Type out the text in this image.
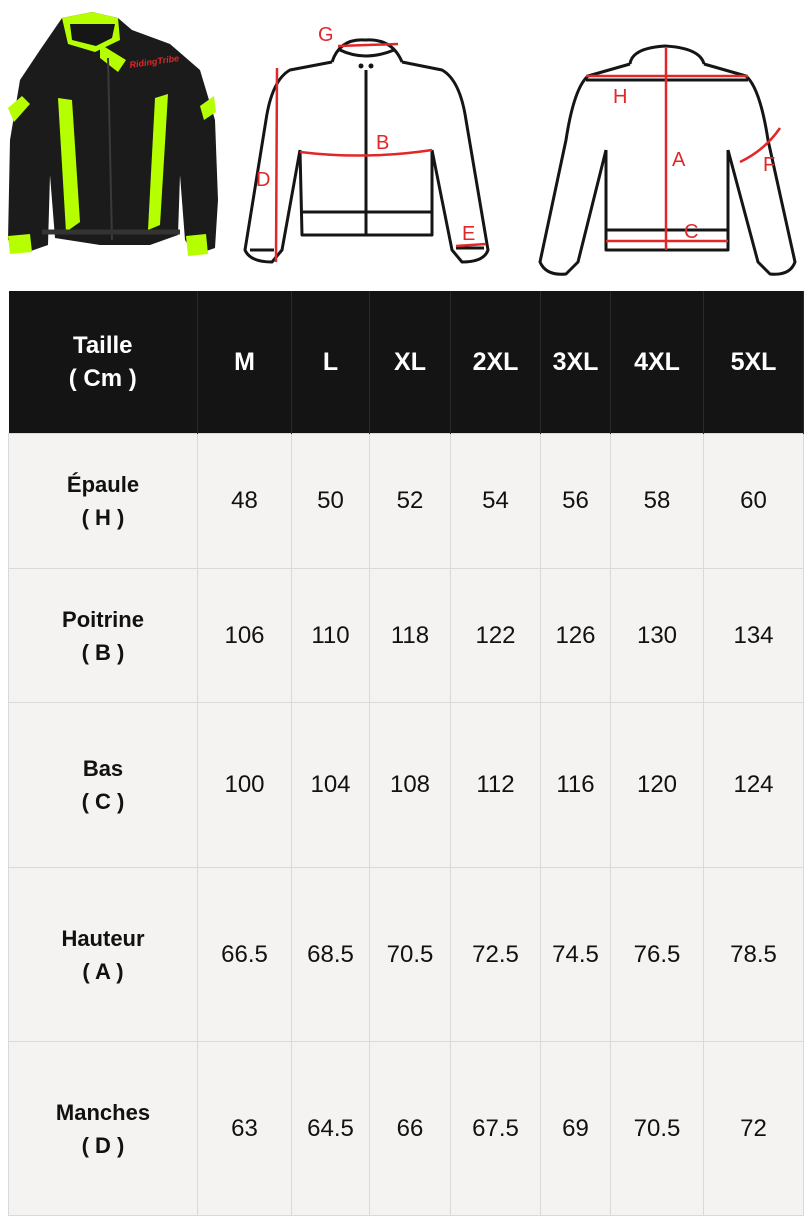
RidingTribe
G
B
D
E
H
A
C
F
Taille
( Cm )	M	L	XL	2XL	3XL	4XL	5XL

Épaule
( H )	48	50	52	54	56	58	60

Poitrine
( B )	106	110	118	122	126	130	134

Bas
( C )	100	104	108	112	116	120	124

Hauteur
( A )	66.5	68.5	70.5	72.5	74.5	76.5	78.5

Manches
( D )	63	64.5	66	67.5	69	70.5	72
